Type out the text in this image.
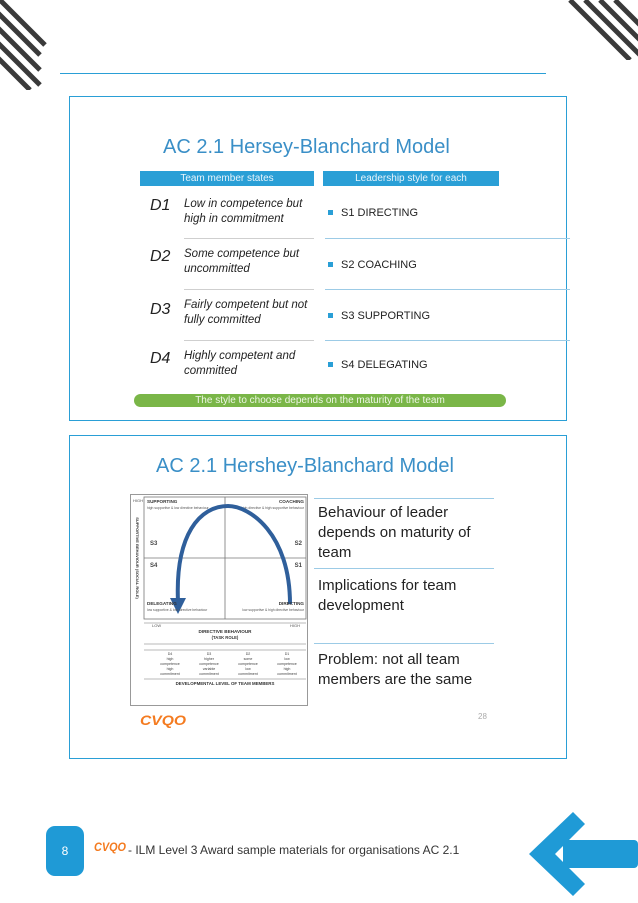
AC 2.1 Hersey-Blanchard Model
Team member states	Leadership style for each
D1 Low in competence but high in commitment	S1 DIRECTING
D2 Some competence but uncommitted	S2 COACHING
D3 Fairly competent but not fully committed	S3 SUPPORTING
D4 Highly competent and committed	S4 DELEGATING
The style to choose depends on the maturity of the team
AC 2.1 Hershey-Blanchard Model
HIGH SUPPORTING
high supportive & low directive behaviour
COACHING
high directive & high supportive behaviour
SUPPORTIVE BEHAVIOUR (SOCIAL ROLE) S3	S2
S4	S1
DELEGATING
low supportive & low directive behaviour
DIRECTING
low supportive & high directive behaviour
LOW	HIGH
DIRECTIVE BEHAVIOUR
(TASK ROLE)
D4
high
competence
high
commitment
D3
higher
competence
variable
commitment
D2
some
competence
low
commitment
D1
low
competence
high
commitment
DEVELOPMENTAL LEVEL OF TEAM MEMBERS
Behaviour of leader depends on maturity of team
Implications for team development
Problem: not all team members are the same
CVQO	28
8	CVQO - ILM Level 3 Award sample materials for organisations AC 2.1
